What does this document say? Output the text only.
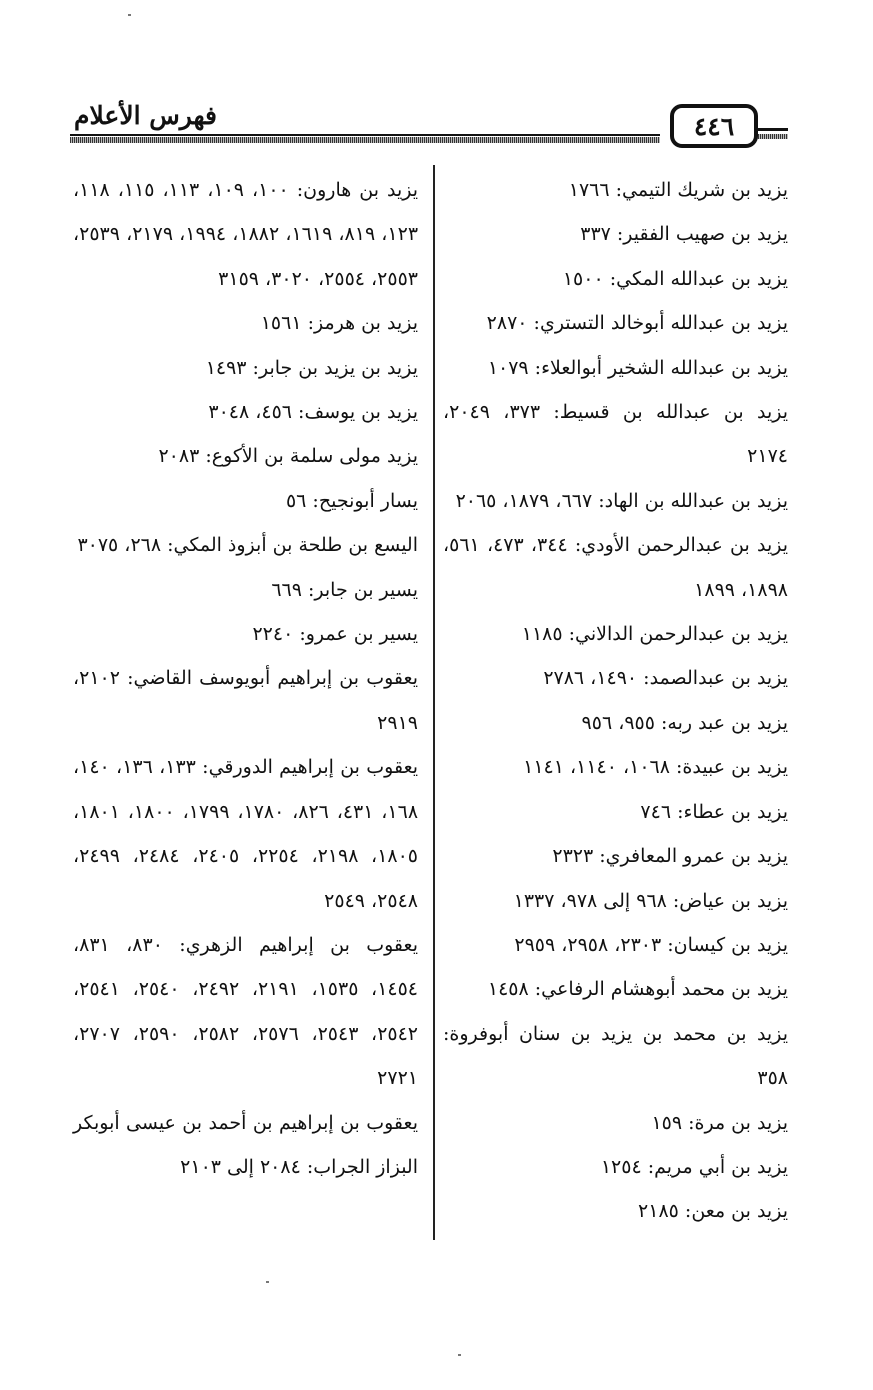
فهرس الأعلام	٤٤٦

يزيد بن شريك التيمي: ١٧٦٦

يزيد بن صهيب الفقير: ٣٣٧

يزيد بن عبدالله المكي: ١٥٠٠

يزيد بن عبدالله أبوخالد التستري: ٢٨٧٠

يزيد بن عبدالله الشخير أبوالعلاء: ١٠٧٩

يزيد بن عبدالله بن قسيط: ٣٧٣، ٢٠٤٩، ٢١٧٤

يزيد بن عبدالله بن الهاد: ٦٦٧، ١٨٧٩، ٢٠٦٥

يزيد بن عبدالرحمن الأودي: ٣٤٤، ٤٧٣، ٥٦١، ١٨٩٨، ١٨٩٩

يزيد بن عبدالرحمن الدالاني: ١١٨٥

يزيد بن عبدالصمد: ١٤٩٠، ٢٧٨٦

يزيد بن عبد ربه: ٩٥٥، ٩٥٦

يزيد بن عبيدة: ١٠٦٨، ١١٤٠، ١١٤١

يزيد بن عطاء: ٧٤٦

يزيد بن عمرو المعافري: ٢٣٢٣

يزيد بن عياض: ٩٦٨ إلى ٩٧٨، ١٣٣٧

يزيد بن كيسان: ٢٣٠٣، ٢٩٥٨، ٢٩٥٩

يزيد بن محمد أبوهشام الرفاعي: ١٤٥٨

يزيد بن محمد بن يزيد بن سنان أبوفروة: ٣٥٨

يزيد بن مرة: ١٥٩

يزيد بن أبي مريم: ١٢٥٤

يزيد بن معن: ٢١٨٥

يزيد بن هارون: ١٠٠، ١٠٩، ١١٣، ١١٥، ١١٨، ١٢٣، ٨١٩، ١٦١٩، ١٨٨٢، ١٩٩٤، ٢١٧٩، ٢٥٣٩، ٢٥٥٣، ٢٥٥٤، ٣٠٢٠، ٣١٥٩

يزيد بن هرمز: ١٥٦١

يزيد بن يزيد بن جابر: ١٤٩٣

يزيد بن يوسف: ٤٥٦، ٣٠٤٨

يزيد مولى سلمة بن الأكوع: ٢٠٨٣

يسار أبونجيح: ٥٦

اليسع بن طلحة بن أبزوذ المكي: ٢٦٨، ٣٠٧٥

يسير بن جابر: ٦٦٩

يسير بن عمرو: ٢٢٤٠

يعقوب بن إبراهيم أبويوسف القاضي: ٢١٠٢، ٢٩١٩

يعقوب بن إبراهيم الدورقي: ١٣٣، ١٣٦، ١٤٠، ١٦٨، ٤٣١، ٨٢٦، ١٧٨٠، ١٧٩٩، ١٨٠٠، ١٨٠١، ١٨٠٥، ٢١٩٨، ٢٢٥٤، ٢٤٠٥، ٢٤٨٤، ٢٤٩٩، ٢٥٤٨، ٢٥٤٩

يعقوب بن إبراهيم الزهري: ٨٣٠، ٨٣١، ١٤٥٤، ١٥٣٥، ٢١٩١، ٢٤٩٢، ٢٥٤٠، ٢٥٤١، ٢٥٤٢، ٢٥٤٣، ٢٥٧٦، ٢٥٨٢، ٢٥٩٠، ٢٧٠٧، ٢٧٢١

يعقوب بن إبراهيم بن أحمد بن عيسى أبوبكر البزاز الجراب: ٢٠٨٤ إلى ٢١٠٣
